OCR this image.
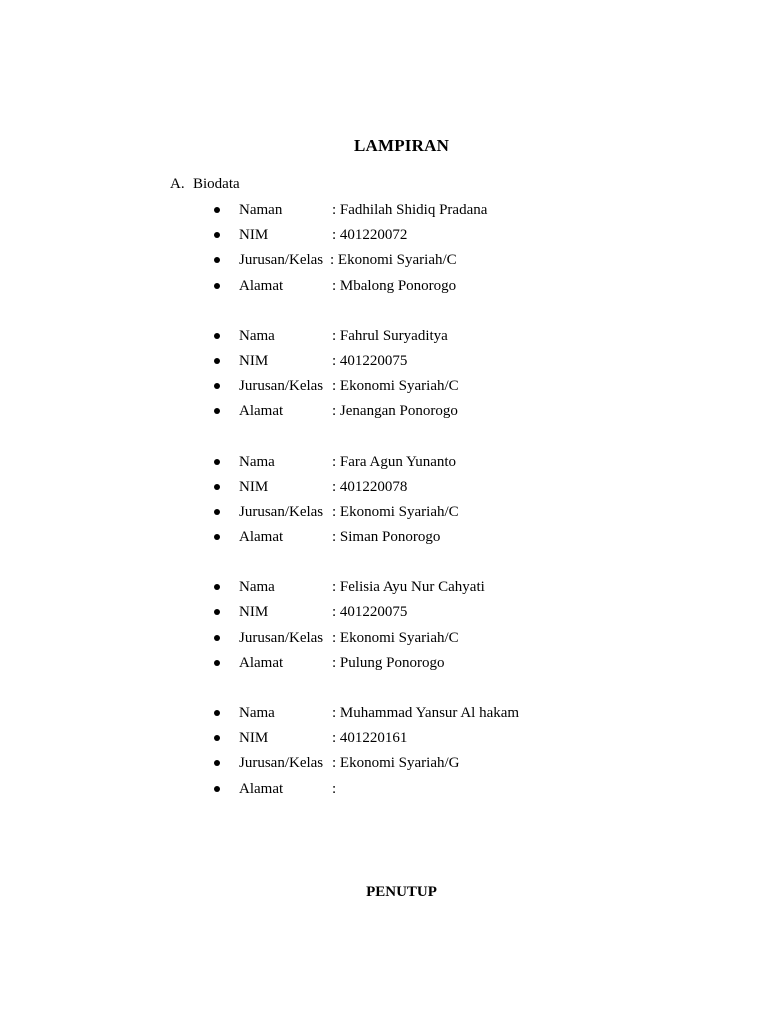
LAMPIRAN
A. Biodata
Naman	: Fadhilah Shidiq Pradana
NIM	: 401220072
Jurusan/Kelas : Ekonomi Syariah/C
Alamat	: Mbalong Ponorogo
Nama	: Fahrul Suryaditya
NIM	: 401220075
Jurusan/Kelas : Ekonomi Syariah/C
Alamat	: Jenangan Ponorogo
Nama	: Fara Agun Yunanto
NIM	: 401220078
Jurusan/Kelas : Ekonomi Syariah/C
Alamat	: Siman Ponorogo
Nama	: Felisia Ayu Nur Cahyati
NIM	: 401220075
Jurusan/Kelas : Ekonomi Syariah/C
Alamat	: Pulung Ponorogo
Nama	: Muhammad Yansur Al hakam
NIM	: 401220161
Jurusan/Kelas : Ekonomi Syariah/G
Alamat	:
PENUTUP
